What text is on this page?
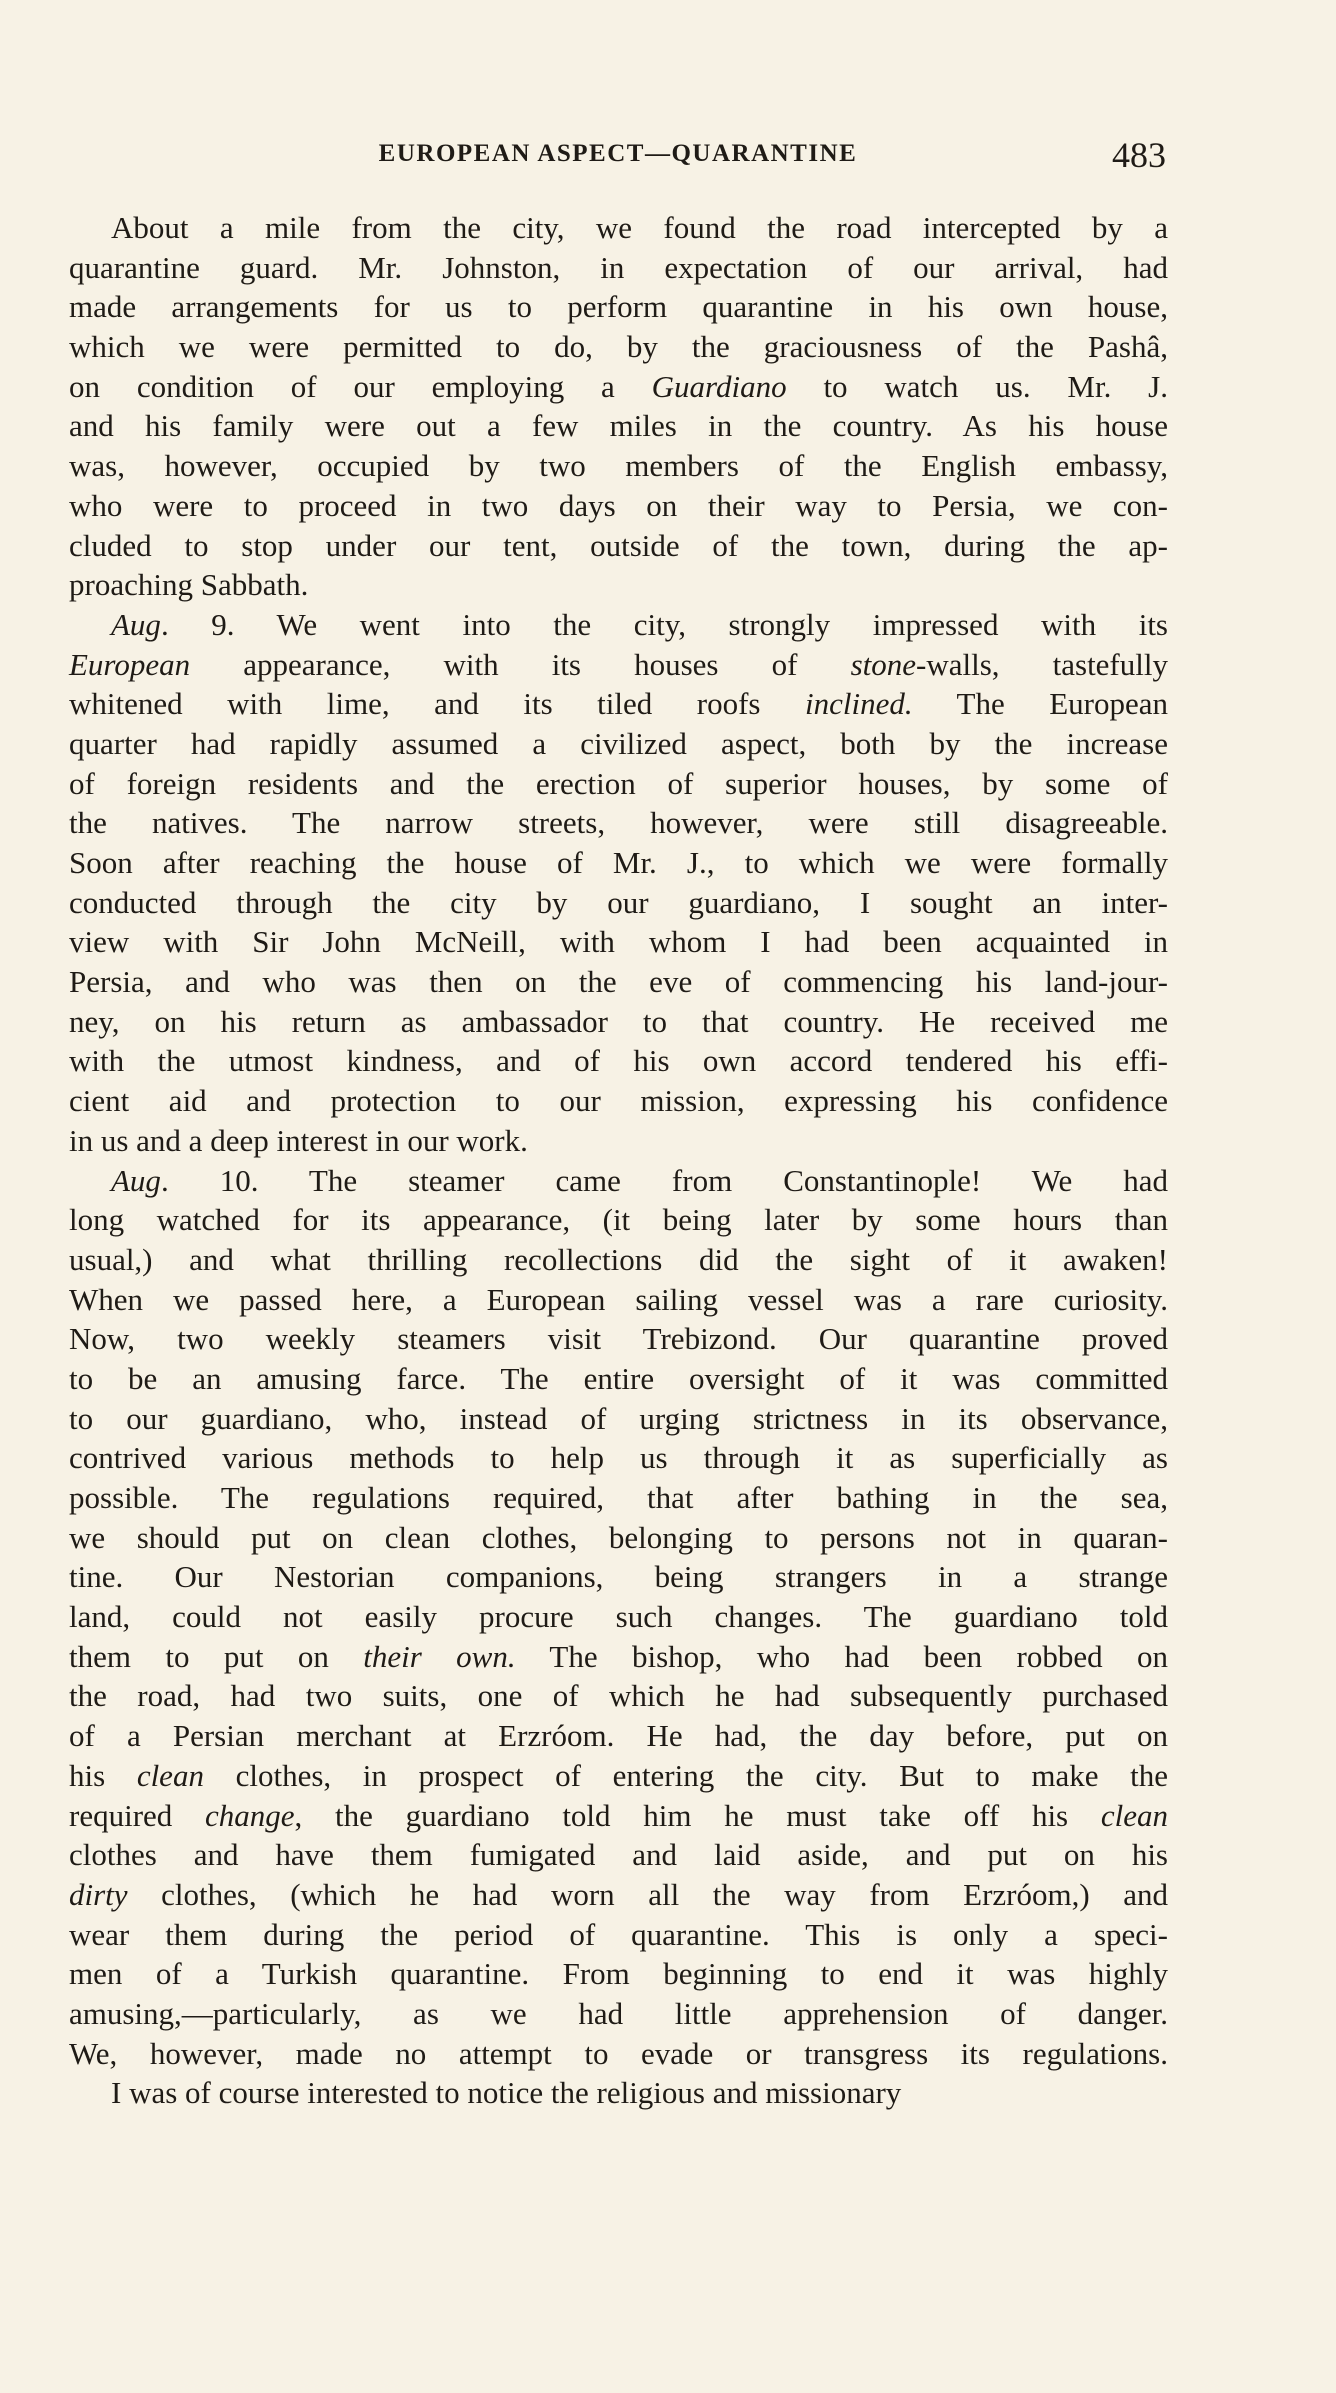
EUROPEAN ASPECT—QUARANTINE	483
About a mile from the city, we found the road intercepted by a
quarantine guard. Mr. Johnston, in expectation of our arrival, had
made arrangements for us to perform quarantine in his own house,
which we were permitted to do, by the graciousness of the Pashâ,
on condition of our employing a Guardiano to watch us. Mr. J.
and his family were out a few miles in the country. As his house
was, however, occupied by two members of the English embassy,
who were to proceed in two days on their way to Persia, we con-
cluded to stop under our tent, outside of the town, during the ap-
proaching Sabbath.
Aug. 9. We went into the city, strongly impressed with its
European appearance, with its houses of stone-walls, tastefully
whitened with lime, and its tiled roofs inclined. The European
quarter had rapidly assumed a civilized aspect, both by the increase
of foreign residents and the erection of superior houses, by some of
the natives. The narrow streets, however, were still disagreeable.
Soon after reaching the house of Mr. J., to which we were formally
conducted through the city by our guardiano, I sought an inter-
view with Sir John McNeill, with whom I had been acquainted in
Persia, and who was then on the eve of commencing his land-jour-
ney, on his return as ambassador to that country. He received me
with the utmost kindness, and of his own accord tendered his effi-
cient aid and protection to our mission, expressing his confidence
in us and a deep interest in our work.
Aug. 10. The steamer came from Constantinople! We had
long watched for its appearance, (it being later by some hours than
usual,) and what thrilling recollections did the sight of it awaken!
When we passed here, a European sailing vessel was a rare curiosity.
Now, two weekly steamers visit Trebizond. Our quarantine proved
to be an amusing farce. The entire oversight of it was committed
to our guardiano, who, instead of urging strictness in its observance,
contrived various methods to help us through it as superficially as
possible. The regulations required, that after bathing in the sea,
we should put on clean clothes, belonging to persons not in quaran-
tine. Our Nestorian companions, being strangers in a strange
land, could not easily procure such changes. The guardiano told
them to put on their own. The bishop, who had been robbed on
the road, had two suits, one of which he had subsequently purchased
of a Persian merchant at Erzróom. He had, the day before, put on
his clean clothes, in prospect of entering the city. But to make the
required change, the guardiano told him he must take off his clean
clothes and have them fumigated and laid aside, and put on his
dirty clothes, (which he had worn all the way from Erzróom,) and
wear them during the period of quarantine. This is only a speci-
men of a Turkish quarantine. From beginning to end it was highly
amusing,—particularly, as we had little apprehension of danger.
We, however, made no attempt to evade or transgress its regulations.
I was of course interested to notice the religious and missionary
